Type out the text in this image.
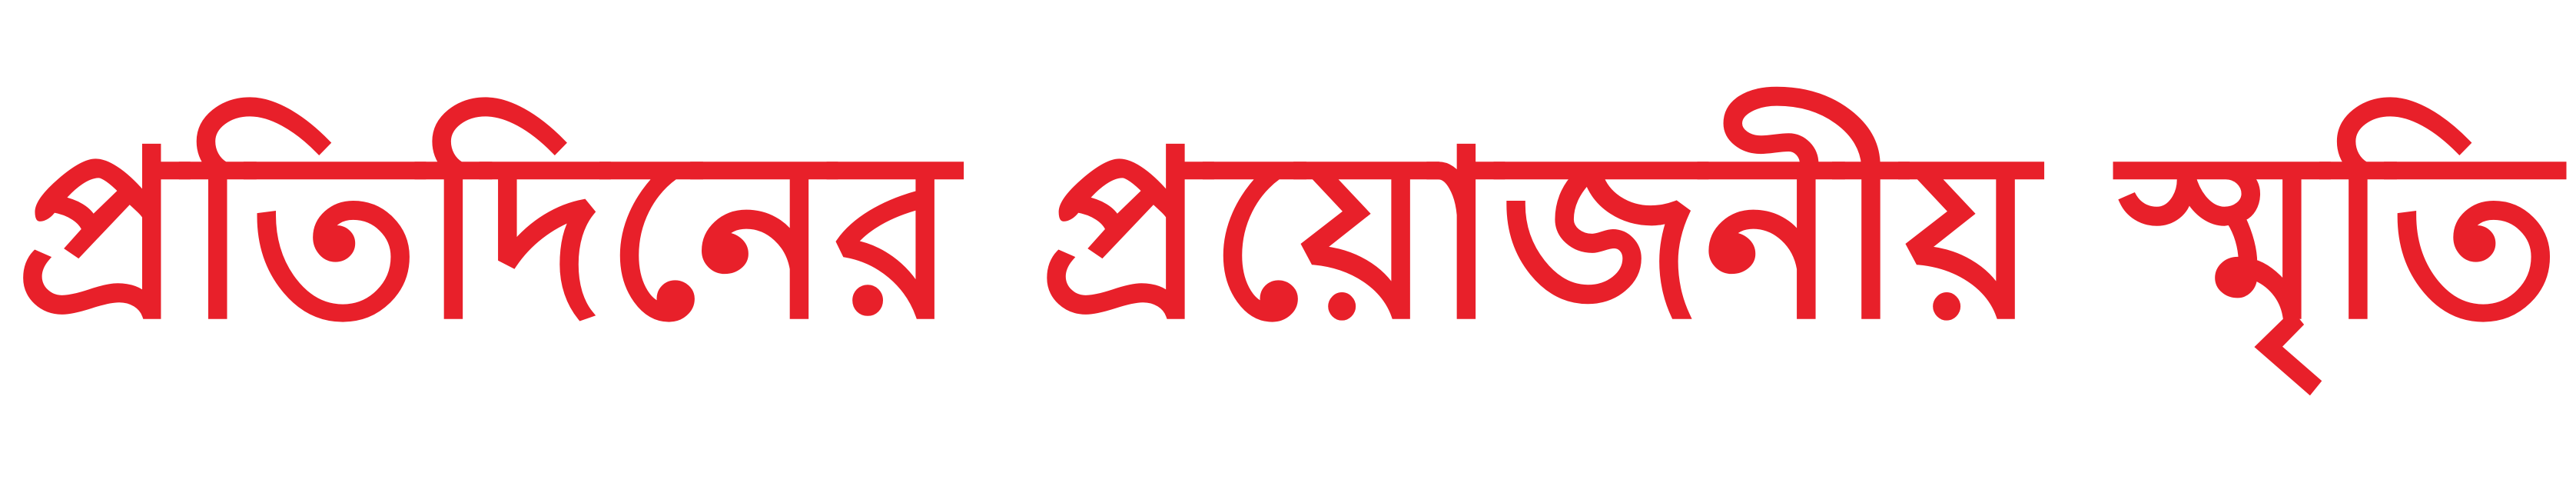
প্রতিদিনের প্রয়োজনীয় স্মৃতি
